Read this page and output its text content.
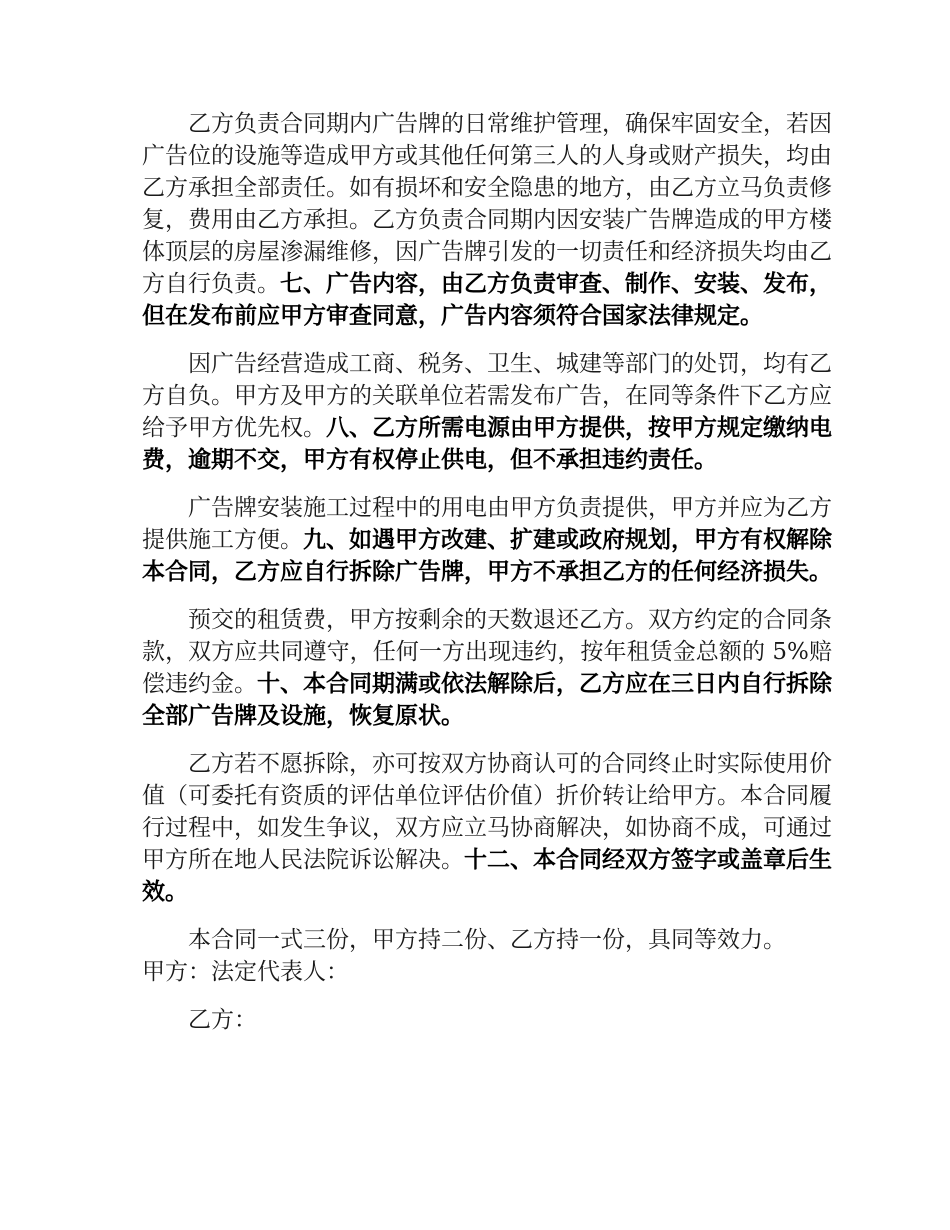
乙方负责合同期内广告牌的日常维护管理，确保牢固安全，若因广告位的设施等造成甲方或其他任何第三人的人身或财产损失，均由乙方承担全部责任。如有损坏和安全隐患的地方，由乙方立马负责修复，费用由乙方承担。乙方负责合同期内因安装广告牌造成的甲方楼体顶层的房屋渗漏维修，因广告牌引发的一切责任和经济损失均由乙方自行负责。七、广告内容，由乙方负责审查、制作、安装、发布，但在发布前应甲方审查同意，广告内容须符合国家法律规定。

因广告经营造成工商、税务、卫生、城建等部门的处罚，均有乙方自负。甲方及甲方的关联单位若需发布广告，在同等条件下乙方应给予甲方优先权。八、乙方所需电源由甲方提供，按甲方规定缴纳电费，逾期不交，甲方有权停止供电，但不承担违约责任。

广告牌安装施工过程中的用电由甲方负责提供，甲方并应为乙方提供施工方便。九、如遇甲方改建、扩建或政府规划，甲方有权解除本合同，乙方应自行拆除广告牌，甲方不承担乙方的任何经济损失。

预交的租赁费，甲方按剩余的天数退还乙方。双方约定的合同条款，双方应共同遵守，任何一方出现违约，按年租赁金总额的 5%赔偿违约金。十、本合同期满或依法解除后，乙方应在三日内自行拆除全部广告牌及设施，恢复原状。

乙方若不愿拆除，亦可按双方协商认可的合同终止时实际使用价值（可委托有资质的评估单位评估价值）折价转让给甲方。本合同履行过程中，如发生争议，双方应立马协商解决，如协商不成，可通过甲方所在地人民法院诉讼解决。十二、本合同经双方签字或盖章后生效。

本合同一式三份，甲方持二份、乙方持一份，具同等效力。
甲方：法定代表人：

乙方：
